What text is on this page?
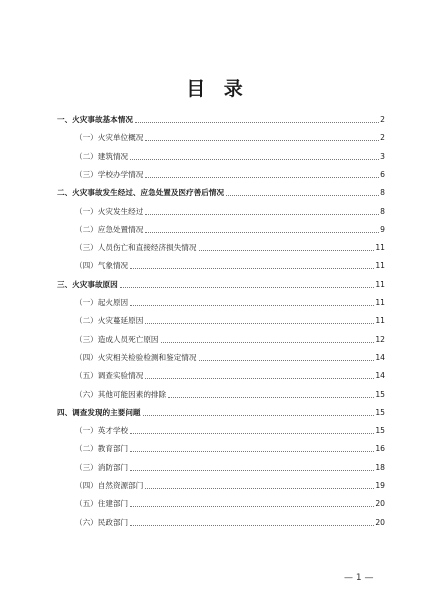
目 录
一、火灾事故基本情况	2
（一）火灾单位概况	2
（二）建筑情况	3
（三）学校办学情况	6
二、火灾事故发生经过、应急处置及医疗善后情况	8
（一）火灾发生经过	8
（二）应急处置情况	9
（三）人员伤亡和直接经济损失情况	11
（四）气象情况	11
三、火灾事故原因	11
（一）起火原因	11
（二）火灾蔓延原因	11
（三）造成人员死亡原因	12
（四）火灾相关检验检测和鉴定情况	14
（五）调查实验情况	14
（六）其他可能因素的排除	15
四、调查发现的主要问题	15
（一）英才学校	15
（二）教育部门	16
（三）消防部门	18
（四）自然资源部门	19
（五）住建部门	20
（六）民政部门	20
— 1 —
